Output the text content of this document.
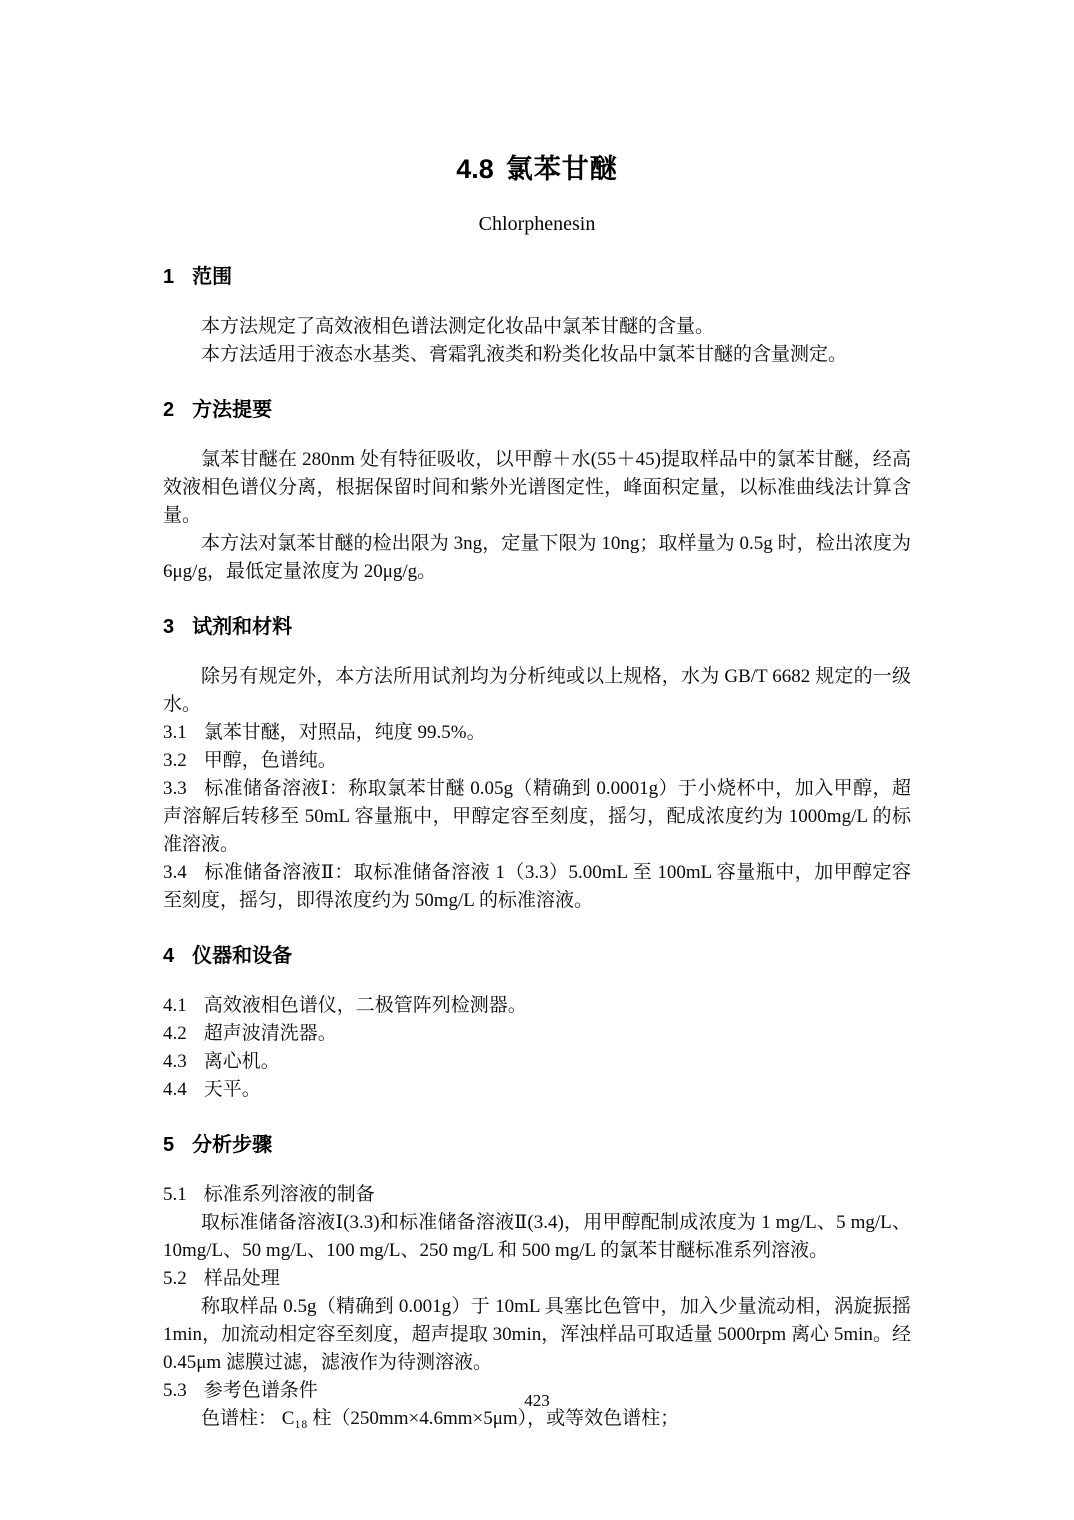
4.8 氯苯甘醚
Chlorphenesin
1 范围

本方法规定了高效液相色谱法测定化妆品中氯苯甘醚的含量。

本方法适用于液态水基类、膏霜乳液类和粉类化妆品中氯苯甘醚的含量测定。

2 方法提要

氯苯甘醚在 280nm 处有特征吸收，以甲醇＋水(55＋45)提取样品中的氯苯甘醚，经高效液相色谱仪分离，根据保留时间和紫外光谱图定性，峰面积定量，以标准曲线法计算含量。

本方法对氯苯甘醚的检出限为 3ng，定量下限为 10ng；取样量为 0.5g 时，检出浓度为 6μg/g，最低定量浓度为 20μg/g。

3 试剂和材料

除另有规定外，本方法所用试剂均为分析纯或以上规格，水为 GB/T 6682 规定的一级水。

3.1 氯苯甘醚，对照品，纯度 99.5%。

3.2 甲醇，色谱纯。

3.3 标准储备溶液Ⅰ：称取氯苯甘醚 0.05g（精确到 0.0001g）于小烧杯中，加入甲醇，超声溶解后转移至 50mL 容量瓶中，甲醇定容至刻度，摇匀，配成浓度约为 1000mg/L 的标准溶液。

3.4 标准储备溶液Ⅱ：取标准储备溶液 1（3.3）5.00mL 至 100mL 容量瓶中，加甲醇定容至刻度，摇匀，即得浓度约为 50mg/L 的标准溶液。

4 仪器和设备

4.1 高效液相色谱仪，二极管阵列检测器。

4.2 超声波清洗器。

4.3 离心机。

4.4 天平。

5 分析步骤

5.1 标准系列溶液的制备

取标准储备溶液Ⅰ(3.3)和标准储备溶液Ⅱ(3.4)，用甲醇配制成浓度为 1 mg/L、5 mg/L、10mg/L、50 mg/L、100 mg/L、250 mg/L 和 500 mg/L 的氯苯甘醚标准系列溶液。

5.2 样品处理

称取样品 0.5g（精确到 0.001g）于 10mL 具塞比色管中，加入少量流动相，涡旋振摇 1min，加流动相定容至刻度，超声提取 30min，浑浊样品可取适量 5000rpm 离心 5min。经 0.45μm 滤膜过滤，滤液作为待测溶液。

5.3 参考色谱条件

色谱柱： C₁₈ 柱（250mm×4.6mm×5μm），或等效色谱柱；

423
